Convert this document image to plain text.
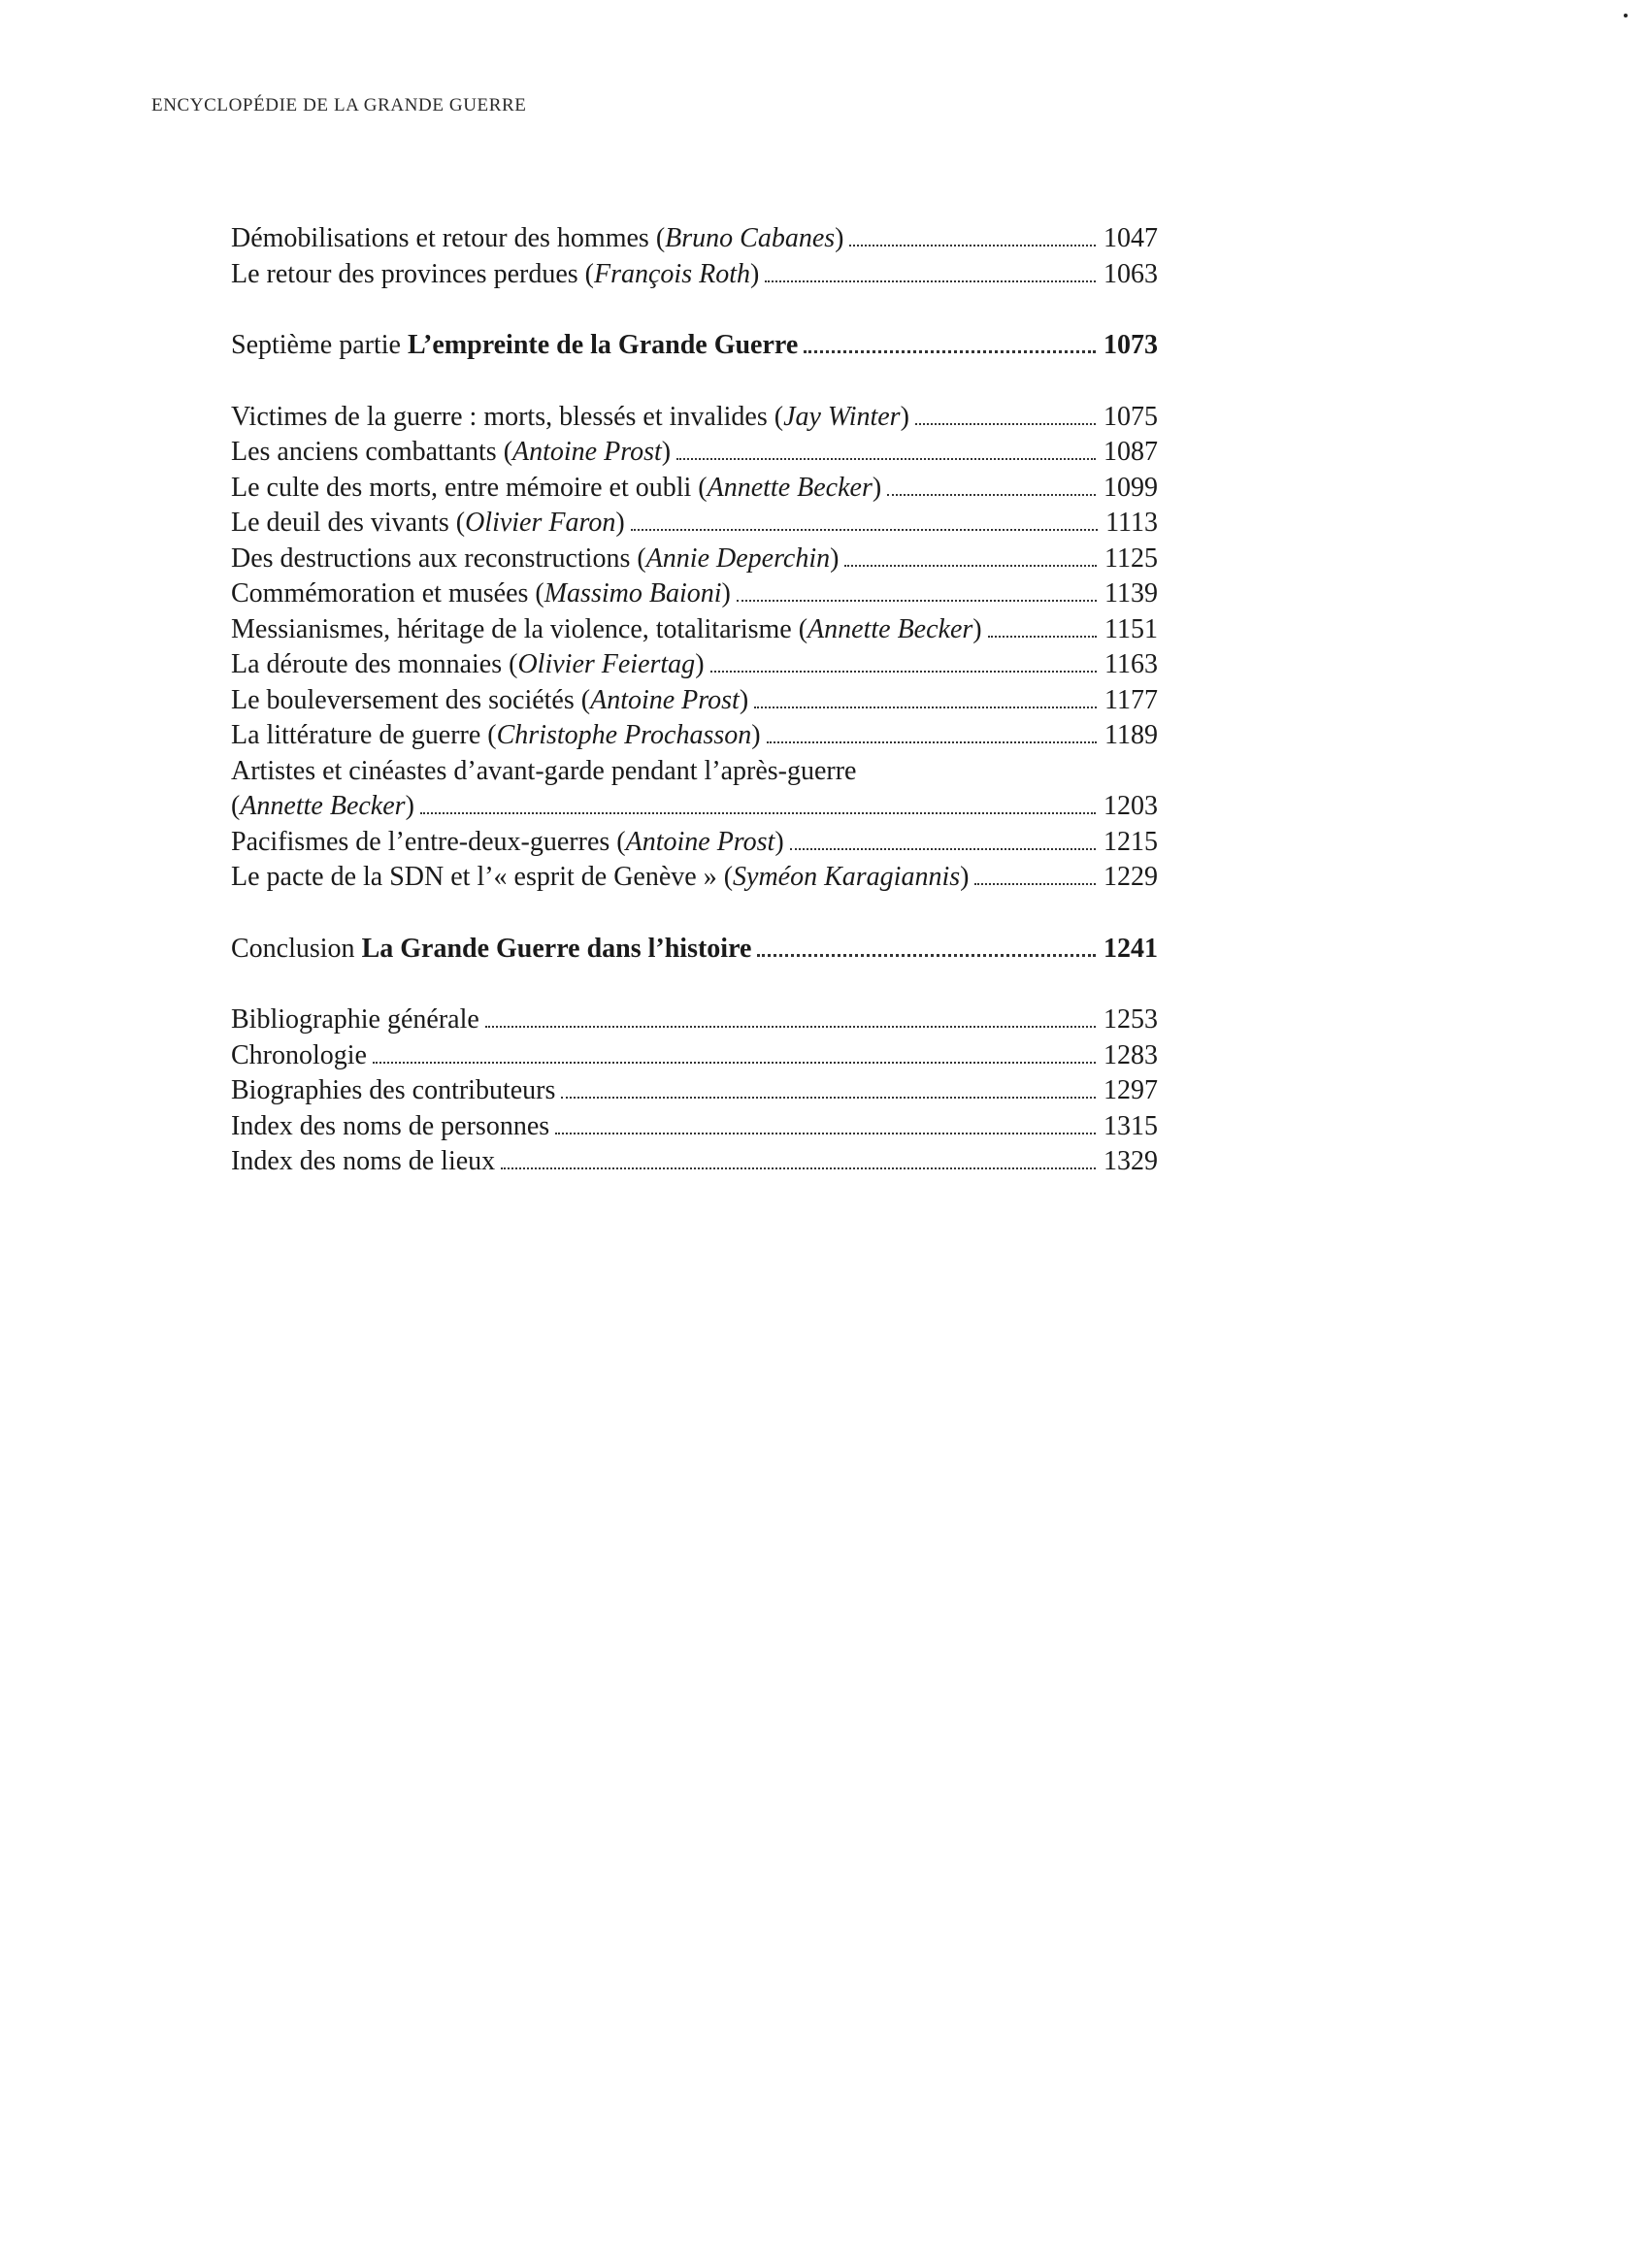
ENCYCLOPÉDIE DE LA GRANDE GUERRE
Démobilisations et retour des hommes (Bruno Cabanes)	1047
Le retour des provinces perdues (François Roth)	1063
Septième partie L’empreinte de la Grande Guerre	1073
Victimes de la guerre : morts, blessés et invalides (Jay Winter)	1075
Les anciens combattants (Antoine Prost)	1087
Le culte des morts, entre mémoire et oubli (Annette Becker)	1099
Le deuil des vivants (Olivier Faron)	1113
Des destructions aux reconstructions (Annie Deperchin)	1125
Commémoration et musées (Massimo Baioni)	1139
Messianismes, héritage de la violence, totalitarisme (Annette Becker)	1151
La déroute des monnaies (Olivier Feiertag)	1163
Le bouleversement des sociétés (Antoine Prost)	1177
La littérature de guerre (Christophe Prochasson)	1189
Artistes et cinéastes d’avant-garde pendant l’après-guerre
(Annette Becker)	1203
Pacifismes de l’entre-deux-guerres (Antoine Prost)	1215
Le pacte de la SDN et l’« esprit de Genève » (Syméon Karagiannis)	1229
Conclusion La Grande Guerre dans l’histoire	1241
Bibliographie générale	1253
Chronologie	1283
Biographies des contributeurs	1297
Index des noms de personnes	1315
Index des noms de lieux	1329
